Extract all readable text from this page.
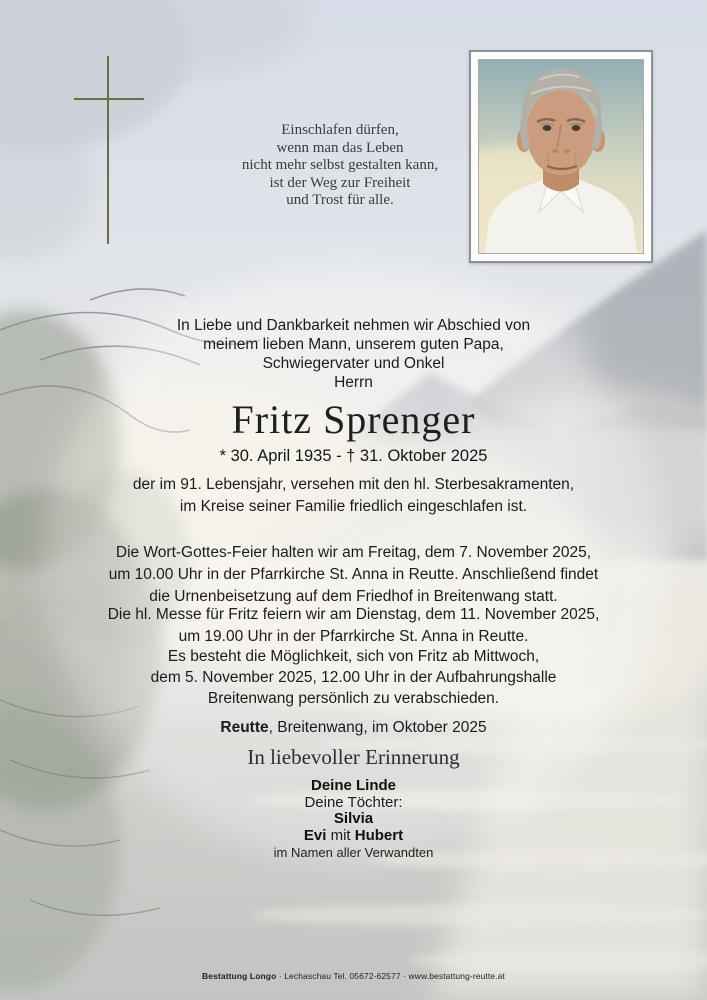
Einschlafen dürfen,
wenn man das Leben
nicht mehr selbst gestalten kann,
ist der Weg zur Freiheit
und Trost für alle.
In Liebe und Dankbarkeit nehmen wir Abschied von
meinem lieben Mann, unserem guten Papa,
Schwiegervater und Onkel
Herrn
Fritz Sprenger
* 30. April 1935 - † 31. Oktober 2025
der im 91. Lebensjahr, versehen mit den hl. Sterbesakramenten,
im Kreise seiner Familie friedlich eingeschlafen ist.
Die Wort-Gottes-Feier halten wir am Freitag, dem 7. November 2025,
um 10.00 Uhr in der Pfarrkirche St. Anna in Reutte. Anschließend findet
die Urnenbeisetzung auf dem Friedhof in Breitenwang statt.
Die hl. Messe für Fritz feiern wir am Dienstag, dem 11. November 2025,
um 19.00 Uhr in der Pfarrkirche St. Anna in Reutte.
Es besteht die Möglichkeit, sich von Fritz ab Mittwoch,
dem 5. November 2025, 12.00 Uhr in der Aufbahrungshalle
Breitenwang persönlich zu verabschieden.
Reutte, Breitenwang, im Oktober 2025
In liebevoller Erinnerung
Deine Linde
Deine Töchter:
Silvia
Evi mit Hubert
im Namen aller Verwandten
Bestattung Longo · Lechaschau Tel. 05672-62577 · www.bestattung-reutte.at
